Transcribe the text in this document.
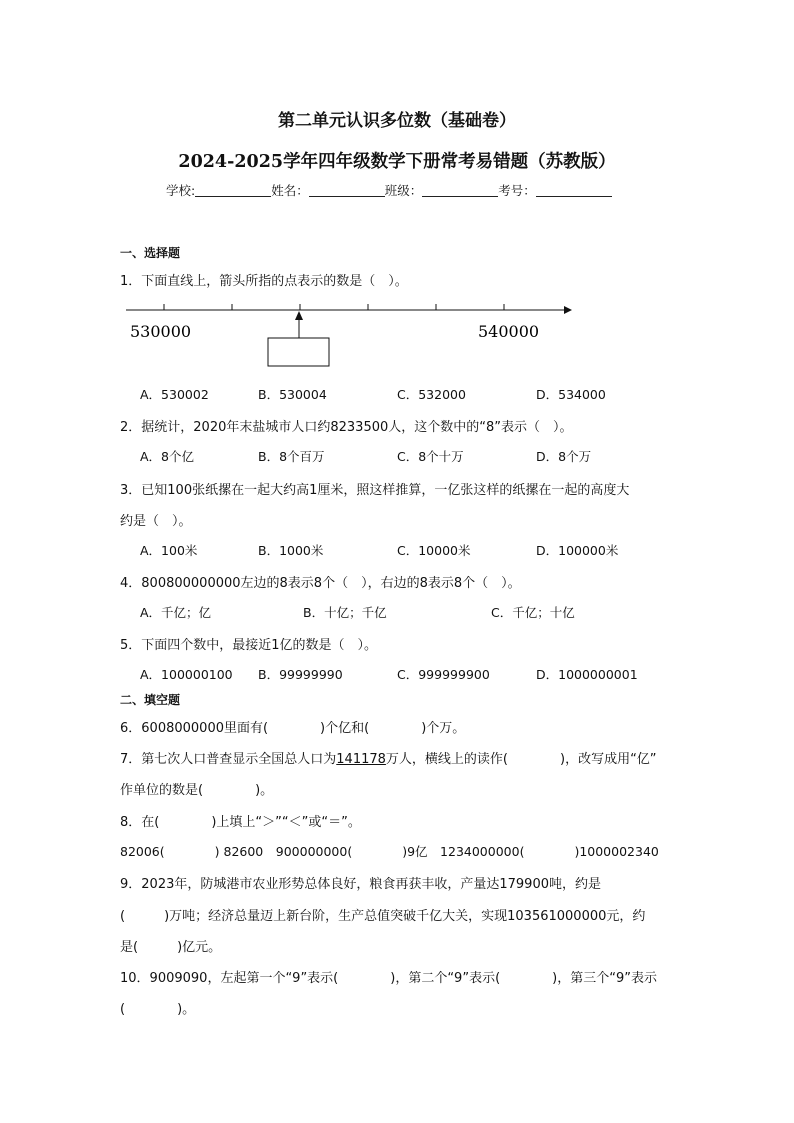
第二单元认识多位数（基础卷）
2024-2025学年四年级数学下册常考易错题（苏教版）
学校:	姓名：	班级：	考号：
一、选择题
1．下面直线上，箭头所指的点表示的数是（　）。
530000	540000
A．530002	B．530004	C．532000	D．534000
2．据统计，2020年末盐城市人口约8233500人，这个数中的“8”表示（　）。
A．8个亿	B．8个百万	C．8个十万	D．8个万
3．已知100张纸摞在一起大约高1厘米，照这样推算，一亿张这样的纸摞在一起的高度大
约是（　）。
A．100米	B．1000米	C．10000米	D．100000米
4．800800000000左边的8表示8个（　），右边的8表示8个（　）。
A．千亿；亿	B．十亿；千亿	C．千亿；十亿
5．下面四个数中，最接近1亿的数是（　）。
A．100000100 B．99999990	C．999999900	D．1000000001
二、填空题
6．6008000000里面有(　　　　)个亿和(　　　　)个万。
7．第七次人口普查显示全国总人口为141178万人，横线上的读作(　　　　)，改写成用“亿”
作单位的数是(　　　　)。
8．在(　　　　)上填上“＞”“＜”或“＝”。
82006(　　　　) 82600　900000000(　　　　)9亿　1234000000(　　　　)1000002340
9．2023年，防城港市农业形势总体良好，粮食再获丰收，产量达179900吨，约是
(　　　)万吨；经济总量迈上新台阶，生产总值突破千亿大关，实现103561000000元，约
是(　　　)亿元。
10．9009090，左起第一个“9”表示(　　　　)，第二个“9”表示(　　　　)，第三个“9”表示
(　　　　)。
